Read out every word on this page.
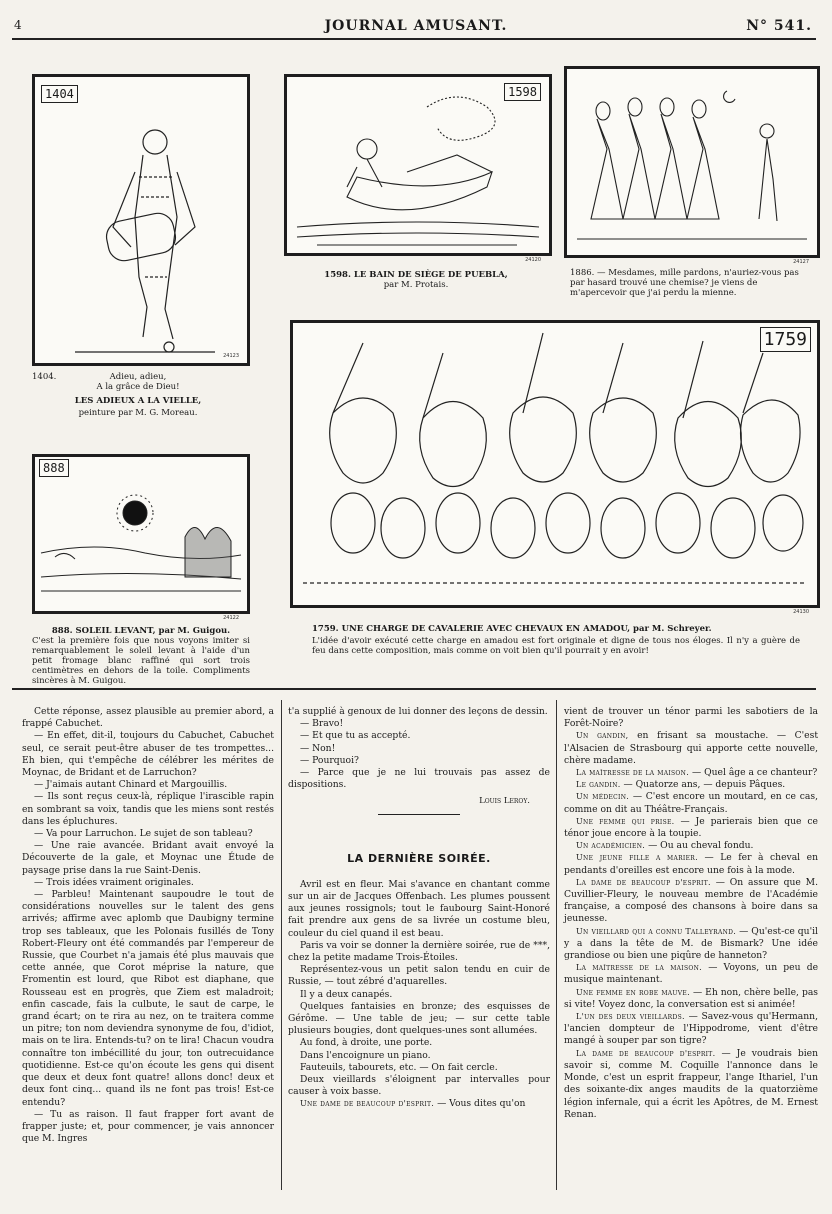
4	JOURNAL AMUSANT.	N° 541.
1404
24123
1404.	Adieu, adieu,
A la grâce de Dieu!
LES ADIEUX A LA VIELLE,
peinture par M. G. Moreau.
1598
24120
1598. LE BAIN DE SIÈGE DE PUEBLA,
par M. Protais.
24127
1886. — Mesdames, mille pardons, n'auriez-vous pas par hasard trouvé une chemise? je viens de m'apercevoir que j'ai perdu la mienne.
888
24122
888. SOLEIL LEVANT, par M. Guigou.
C'est la première fois que nous voyons imiter si remarquablement le soleil levant à l'aide d'un petit fromage blanc raffiné qui sort trois centimètres en dehors de la toile. Compliments sincères à M. Guigou.
1759
24130
1759. UNE CHARGE DE CAVALERIE AVEC CHEVAUX EN AMADOU, par M. Schreyer.
L'idée d'avoir exécuté cette charge en amadou est fort originale et digne de tous nos éloges. Il n'y a guère de feu dans cette composition, mais comme on voit bien qu'il pourrait y en avoir!

Cette réponse, assez plausible au premier abord, a frappé Cabuchet.

— En effet, dit-il, toujours du Cabuchet, Cabuchet seul, ce serait peut-être abuser de tes trompettes... Eh bien, qui t'empêche de célébrer les mérites de Moynac, de Bridant et de Larruchon?

— J'aimais autant Chinard et Margouillis.

— Ils sont reçus ceux-là, réplique l'irascible rapin en sombrant sa voix, tandis que les miens sont restés dans les épluchures.

— Va pour Larruchon. Le sujet de son tableau?

— Une raie avancée. Bridant avait envoyé la Découverte de la gale, et Moynac une Étude de paysage prise dans la rue Saint-Denis.

— Trois idées vraiment originales.

— Parbleu! Maintenant saupoudre le tout de considérations nouvelles sur le talent des gens arrivés; affirme avec aplomb que Daubigny termine trop ses tableaux, que les Polonais fusillés de Tony Robert-Fleury ont été commandés par l'empereur de Russie, que Courbet n'a jamais été plus mauvais que cette année, que Corot méprise la nature, que Fromentin est lourd, que Ribot est diaphane, que Rousseau est en progrès, que Ziem est maladroit; enfin cascade, fais la culbute, le saut de carpe, le grand écart; on te rira au nez, on te traitera comme un pitre; ton nom deviendra synonyme de fou, d'idiot, mais on te lira. Entends-tu? on te lira! Chacun voudra connaître ton imbécillité du jour, ton outrecuidance quotidienne. Est-ce qu'on écoute les gens qui disent que deux et deux font quatre! allons donc! deux et deux font cinq... quand ils ne font pas trois! Est-ce entendu?

— Tu as raison. Il faut frapper fort avant de frapper juste; et, pour commencer, je vais annoncer que M. Ingres

t'a supplié à genoux de lui donner des leçons de dessin.

— Bravo!

— Et que tu as accepté.

— Non!

— Pourquoi?

— Parce que je ne lui trouvais pas assez de dispositions.

Louis Leroy.
LA DERNIÈRE SOIRÉE.

Avril est en fleur. Mai s'avance en chantant comme sur un air de Jacques Offenbach. Les plumes poussent aux jeunes rossignols; tout le faubourg Saint-Honoré fait prendre aux gens de sa livrée un costume bleu, couleur du ciel quand il est beau.

Paris va voir se donner la dernière soirée, rue de ***, chez la petite madame Trois-Étoiles.

Représentez-vous un petit salon tendu en cuir de Russie, — tout zébré d'aquarelles.

Il y a deux canapés.

Quelques fantaisies en bronze; des esquisses de Gérôme. — Une table de jeu; — sur cette table plusieurs bougies, dont quelques-unes sont allumées.

Au fond, à droite, une porte.

Dans l'encoignure un piano.

Fauteuils, tabourets, etc. — On fait cercle.

Deux vieillards s'éloignent par intervalles pour causer à voix basse.

Une dame de beaucoup d'esprit. — Vous dites qu'on

vient de trouver un ténor parmi les sabotiers de la Forêt-Noire?

Un gandin, en frisant sa moustache. — C'est l'Alsacien de Strasbourg qui apporte cette nouvelle, chère madame.

La maîtresse de la maison. — Quel âge a ce chanteur?

Le gandin. — Quatorze ans, — depuis Pâques.

Un médecin. — C'est encore un moutard, en ce cas, comme on dit au Théâtre-Français.

Une femme qui prise. — Je parierais bien que ce ténor joue encore à la toupie.

Un académicien. — Ou au cheval fondu.

Une jeune fille a marier. — Le fer à cheval en pendants d'oreilles est encore une fois à la mode.

La dame de beaucoup d'esprit. — On assure que M. Cuvillier-Fleury, le nouveau membre de l'Académie française, a composé des chansons à boire dans sa jeunesse.

Un vieillard qui a connu Talleyrand. — Qu'est-ce qu'il y a dans la tête de M. de Bismark? Une idée grandiose ou bien une piqûre de hanneton?

La maîtresse de la maison. — Voyons, un peu de musique maintenant.

Une femme en robe mauve. — Eh non, chère belle, pas si vite! Voyez donc, la conversation est si animée!

L'un des deux vieillards. — Savez-vous qu'Hermann, l'ancien dompteur de l'Hippodrome, vient d'être mangé à souper par son tigre?

La dame de beaucoup d'esprit. — Je voudrais bien savoir si, comme M. Coquille l'annonce dans le Monde, c'est un esprit frappeur, l'ange Ithariel, l'un des soixante-dix anges maudits de la quatorzième légion infernale, qui a écrit les Apôtres, de M. Ernest Renan.
